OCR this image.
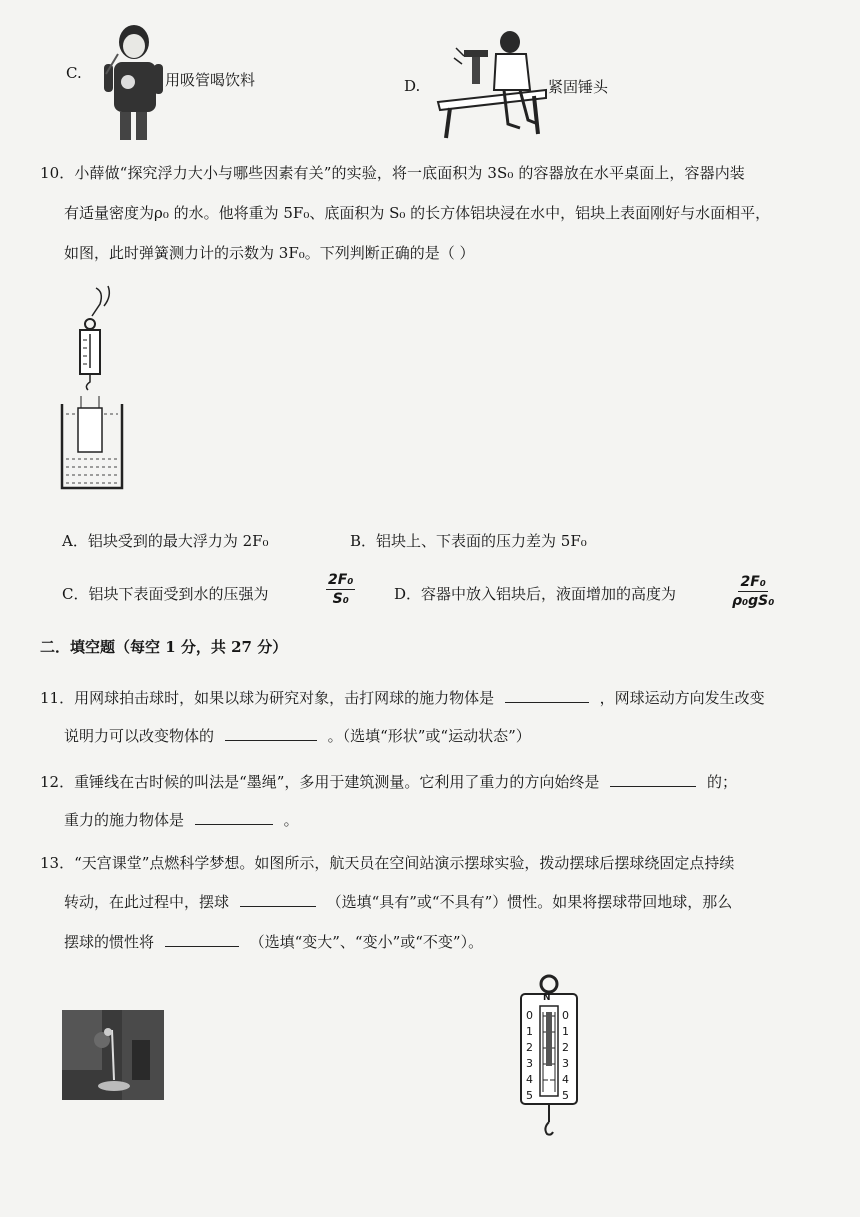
C.	用吸管喝饮料	D.	紧固锤头
10．小薛做“探究浮力大小与哪些因素有关”的实验，将一底面积为 3S₀ 的容器放在水平桌面上，容器内装
有适量密度为ρ₀ 的水。他将重为 5F₀、底面积为 S₀ 的长方体铝块浸在水中，铝块上表面刚好与水面相平，
如图，此时弹簧测力计的示数为 3F₀。下列判断正确的是（ ）
A．铝块受到的最大浮力为 2F₀	B．铝块上、下表面的压力差为 5F₀
C．铝块下表面受到水的压强为	$\frac{\text{2F₀}}{\text{S₀}}$	D．容器中放入铝块后，液面增加的高度为	$\frac{\text{2F₀}}{\text{ρ₀gS₀}}$
二．填空题（每空 1 分，共 27 分）
11．用网球拍击球时，如果以球为研究对象，击打网球的施力物体是	，网球运动方向发生改变
说明力可以改变物体的	。（选填“形状”或“运动状态”）
12．重锤线在古时候的叫法是“墨绳”，多用于建筑测量。它利用了重力的方向始终是	的；
重力的施力物体是	。
13．“天宫课堂”点燃科学梦想。如图所示，航天员在空间站演示摆球实验，拨动摆球后摆球绕固定点持续
转动，在此过程中，摆球	（选填“具有”或“不具有”）惯性。如果将摆球带回地球，那么
摆球的惯性将	（选填“变大”、“变小”或“不变”）。
N
0
1
2
3
4
5
0
1
2
3
4
5
